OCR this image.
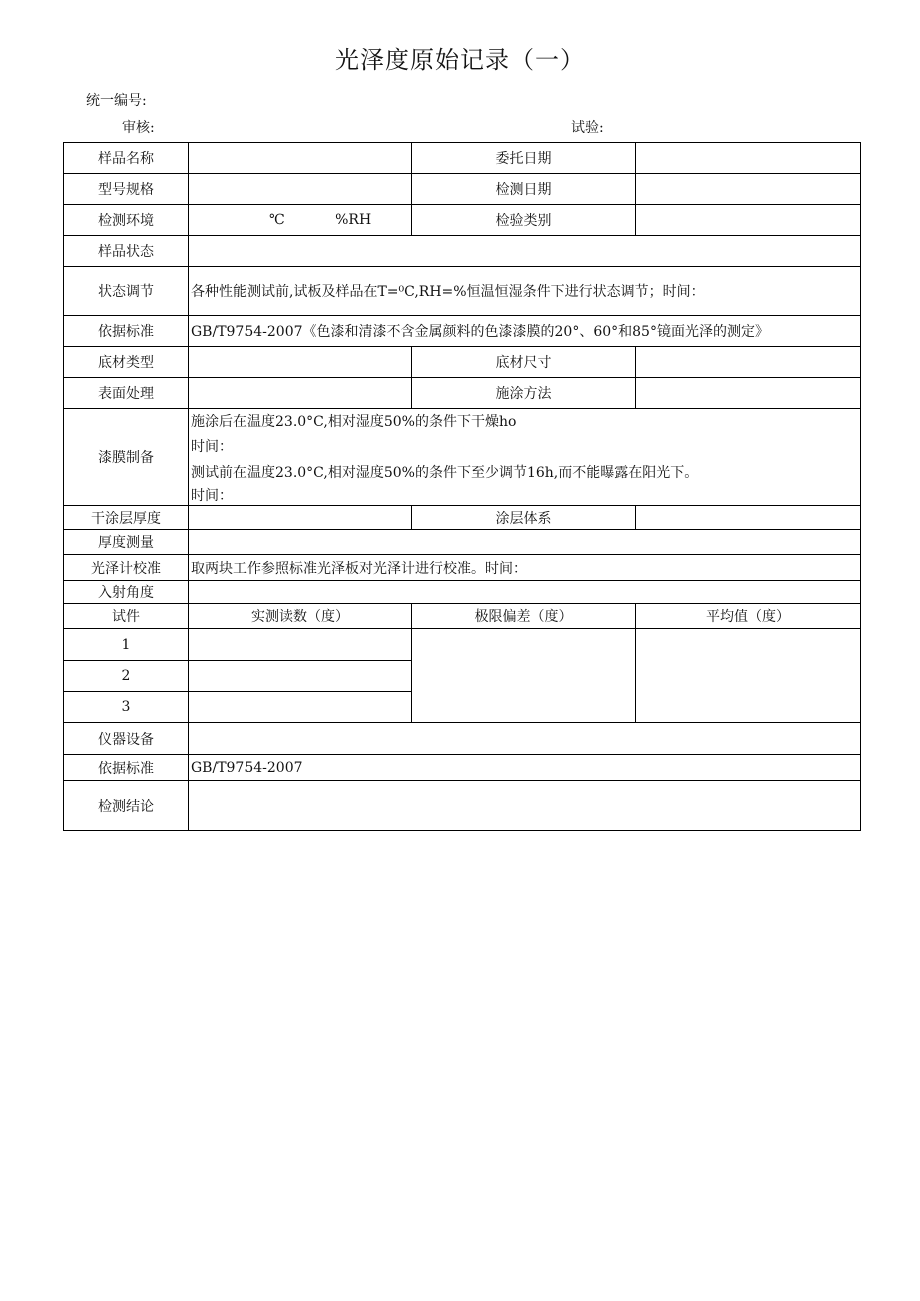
光泽度原始记录（一）
统一编号:
审核:	试验:
样品名称		委托日期	
型号规格		检测日期	
检测环境	℃ %RH	检验类别	
样品状态			
状态调节	各种性能测试前,试板及样品在T=⁰C,RH=%恒温恒湿条件下进行状态调节；时间：		
依据标准	GB/T9754-2007《色漆和清漆不含金属颜料的色漆漆膜的20°、60°和85°镜面光泽的测定》		
底材类型		底材尺寸	
表面处理		施涂方法	
漆膜制备	施涂后在温度23.0°C,相对湿度50%的条件下干燥ho
时间：
测试前在温度23.0°C,相对湿度50%的条件下至少调节16h,而不能曝露在阳光下。
时间：		

干涂层厚度		涂层体系	
厚度测量			
光泽计校准	取两块工作参照标准光泽板对光泽计进行校准。时间：		
入射角度			
试件	实测读数（度）	极限偏差（度）	平均值（度）
1			
2			
3			
仪器设备			
依据标准	GB/T9754-2007		
检测结论			
